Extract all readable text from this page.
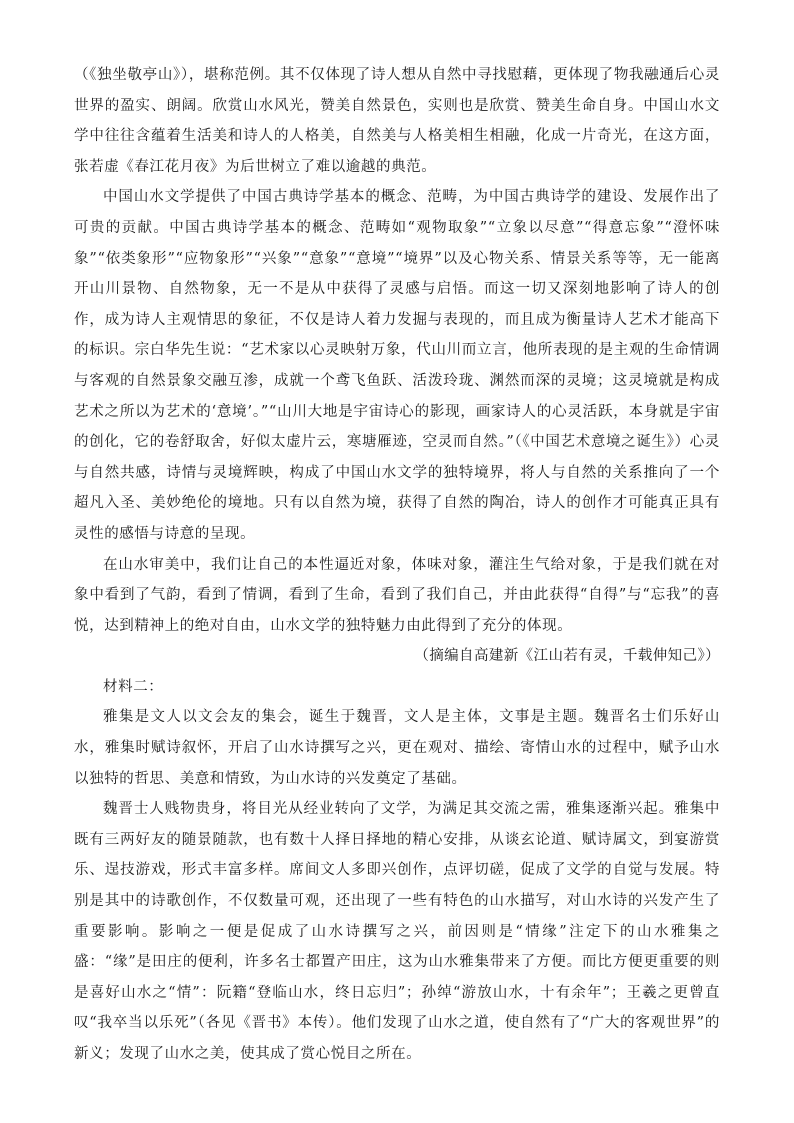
（《独坐敬亭山》），堪称范例。其不仅体现了诗人想从自然中寻找慰藉，更体现了物我融通后心灵世界的盈实、朗阔。欣赏山水风光，赞美自然景色，实则也是欣赏、赞美生命自身。中国山水文学中往往含蕴着生活美和诗人的人格美，自然美与人格美相生相融，化成一片奇光，在这方面，张若虚《春江花月夜》为后世树立了难以逾越的典范。

中国山水文学提供了中国古典诗学基本的概念、范畴，为中国古典诗学的建设、发展作出了可贵的贡献。中国古典诗学基本的概念、范畴如“观物取象”“立象以尽意”“得意忘象”“澄怀味象”“依类象形”“应物象形”“兴象”“意象”“意境”“境界”以及心物关系、情景关系等等，无一能离开山川景物、自然物象，无一不是从中获得了灵感与启悟。而这一切又深刻地影响了诗人的创作，成为诗人主观情思的象征，不仅是诗人着力发掘与表现的，而且成为衡量诗人艺术才能高下的标识。宗白华先生说：“艺术家以心灵映射万象，代山川而立言，他所表现的是主观的生命情调与客观的自然景象交融互渗，成就一个鸢飞鱼跃、活泼玲珑、渊然而深的灵境；这灵境就是构成艺术之所以为艺术的‘意境’。”“山川大地是宇宙诗心的影现，画家诗人的心灵活跃，本身就是宇宙的创化，它的卷舒取舍，好似太虚片云，寒塘雁迹，空灵而自然。”（《中国艺术意境之诞生》）心灵与自然共感，诗情与灵境辉映，构成了中国山水文学的独特境界，将人与自然的关系推向了一个超凡入圣、美妙绝伦的境地。只有以自然为境，获得了自然的陶冶，诗人的创作才可能真正具有灵性的感悟与诗意的呈现。

在山水审美中，我们让自己的本性逼近对象，体味对象，灌注生气给对象，于是我们就在对象中看到了气韵，看到了情调，看到了生命，看到了我们自己，并由此获得“自得”与“忘我”的喜悦，达到精神上的绝对自由，山水文学的独特魅力由此得到了充分的体现。

（摘编自高建新《江山若有灵，千载伸知己》）

材料二：

雅集是文人以文会友的集会，诞生于魏晋，文人是主体，文事是主题。魏晋名士们乐好山水，雅集时赋诗叙怀，开启了山水诗撰写之兴，更在观对、描绘、寄情山水的过程中，赋予山水以独特的哲思、美意和情致，为山水诗的兴发奠定了基础。

魏晋士人贱物贵身，将目光从经业转向了文学，为满足其交流之需，雅集逐渐兴起。雅集中既有三两好友的随景随款，也有数十人择日择地的精心安排，从谈玄论道、赋诗属文，到宴游赏乐、逞技游戏，形式丰富多样。席间文人多即兴创作，点评切磋，促成了文学的自觉与发展。特别是其中的诗歌创作，不仅数量可观，还出现了一些有特色的山水描写，对山水诗的兴发产生了重要影响。影响之一便是促成了山水诗撰写之兴，前因则是“情缘”注定下的山水雅集之盛：“缘”是田庄的便利，许多名士都置产田庄，这为山水雅集带来了方便。而比方便更重要的则是喜好山水之“情”：阮籍“登临山水，终日忘归”；孙绰“游放山水，十有余年”；王羲之更曾直叹“我卒当以乐死”（各见《晋书》本传）。他们发现了山水之道，使自然有了“广大的客观世界”的新义；发现了山水之美，使其成了赏心悦目之所在。
